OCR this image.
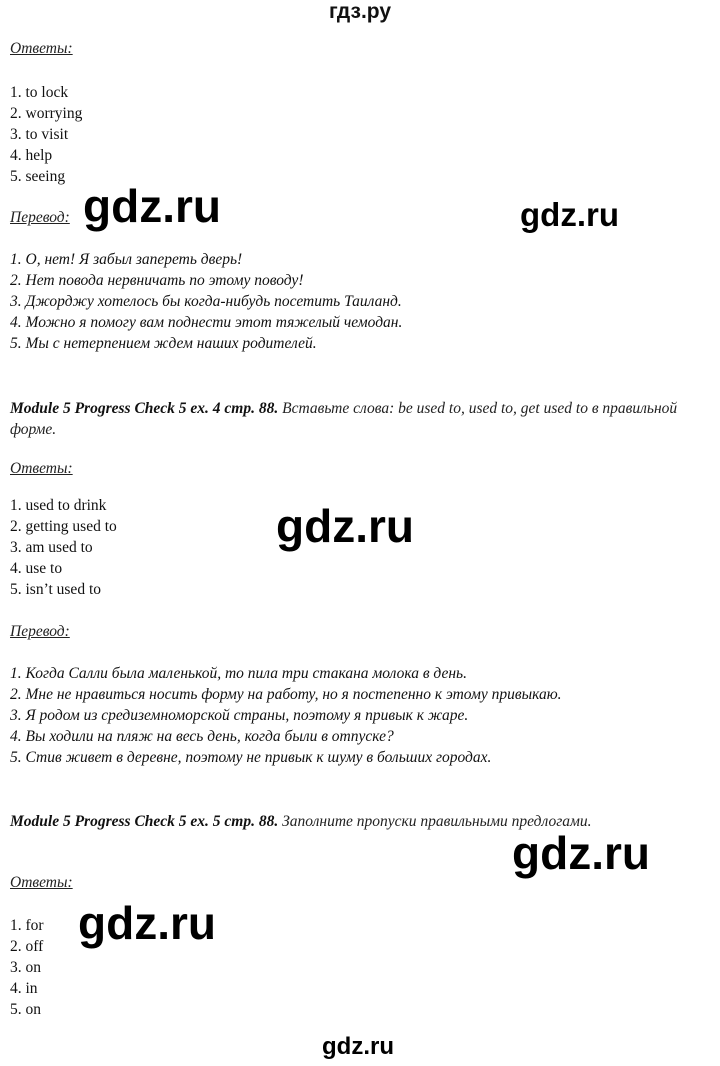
гдз.ру
Ответы:
1. to lock
2. worrying
3. to visit
4. help
5. seeing
Перевод:
1. О, нет! Я забыл запереть дверь!
2. Нет повода нервничать по этому поводу!
3. Джорджу хотелось бы когда-нибудь посетить Таиланд.
4. Можно я помогу вам поднести этот тяжелый чемодан.
5. Мы с нетерпением ждем наших родителей.
Module 5 Progress Check 5 ex. 4 стр. 88. Вставьте слова: be used to, used to, get used to в правильной форме.
Ответы:
1. used to drink
2. getting used to
3. am used to
4. use to
5. isn’t used to
Перевод:
1. Когда Салли была маленькой, то пила три стакана молока в день.
2. Мне не нравиться носить форму на работу, но я постепенно к этому привыкаю.
3. Я родом из средиземноморской страны, поэтому я привык к жаре.
4. Вы ходили на пляж на весь день, когда были в отпуске?
5. Стив живет в деревне, поэтому не привык к шуму в больших городах.
Module 5 Progress Check 5 ex. 5 стр. 88. Заполните пропуски правильными предлогами.
Ответы:
1. for
2. off
3. on
4. in
5. on
gdz.ru	gdz.ru
gdz.ru
gdz.ru
gdz.ru
gdz.ru
